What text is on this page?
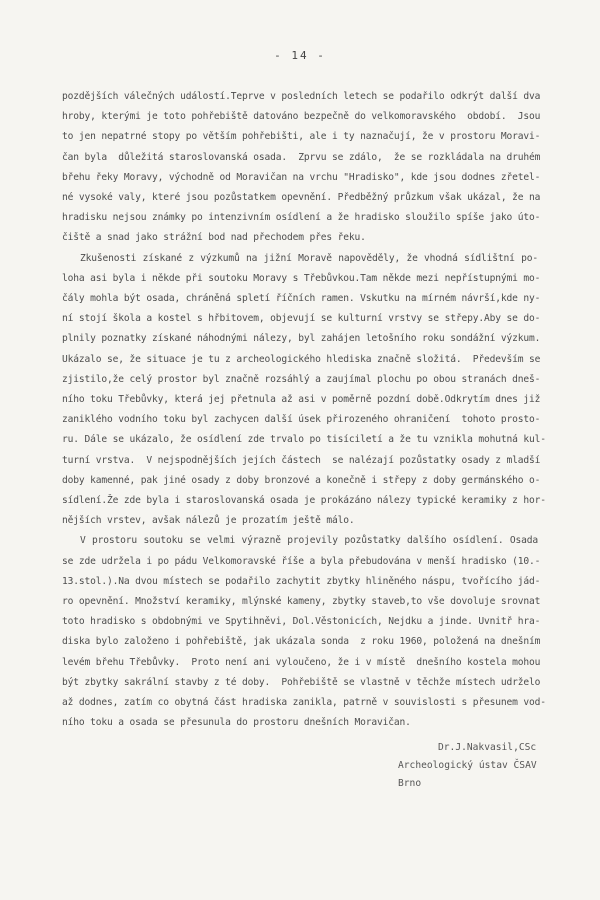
- 14 -
pozdějších válečných událostí.Teprve v posledních letech se podařilo odkrýt další dva
hroby, kterými je toto pohřebiště datováno bezpečně do velkomoravského  období.  Jsou
to jen nepatrné stopy po větším pohřebišti, ale i ty naznačují, že v prostoru Moravi-
čan byla  důležitá staroslovanská osada.  Zprvu se zdálo,  že se rozkládala na druhém
břehu řeky Moravy, východně od Moravičan na vrchu "Hradisko", kde jsou dodnes zřetel-
né vysoké valy, které jsou pozůstatkem opevnění. Předběžný průzkum však ukázal, že na
hradisku nejsou známky po intenzivním osídlení a že hradisko sloužilo spíše jako úto-
čiště a snad jako strážní bod nad přechodem přes řeku.
Zkušenosti získané z výzkumů na jižní Moravě napověděly, že vhodná sídlištní po-
loha asi byla i někde při soutoku Moravy s Třebůvkou.Tam někde mezi nepřístupnými mo-
čály mohla být osada, chráněná spletí říčních ramen. Vskutku na mírném návrší,kde ny-
ní stojí škola a kostel s hřbitovem, objevují se kulturní vrstvy se střepy.Aby se do-
plnily poznatky získané náhodnými nálezy, byl zahájen letošního roku sondážní výzkum.
Ukázalo se, že situace je tu z archeologického hlediska značně složitá.  Především se
zjistilo,že celý prostor byl značně rozsáhlý a zaujímal plochu po obou stranách dneš-
ního toku Třebůvky, která jej přetnula až asi v poměrně pozdní době.Odkrytím dnes již
zaniklého vodního toku byl zachycen další úsek přirozeného ohraničení  tohoto prosto-
ru. Dále se ukázalo, že osídlení zde trvalo po tisíciletí a že tu vznikla mohutná kul-
turní vrstva.  V nejspodnějších jejích částech  se nalézají pozůstatky osady z mladší
doby kamenné, pak jiné osady z doby bronzové a konečně i střepy z doby germánského o-
sídlení.Že zde byla i staroslovanská osada je prokázáno nálezy typické keramiky z hor-
nějších vrstev, avšak nálezů je prozatím ještě málo.
V prostoru soutoku se velmi výrazně projevily pozůstatky dalšího osídlení. Osada
se zde udržela i po pádu Velkomoravské říše a byla přebudována v menší hradisko (10.-
13.stol.).Na dvou místech se podařilo zachytit zbytky hliněného náspu, tvořícího jád-
ro opevnění. Množství keramiky, mlýnské kameny, zbytky staveb,to vše dovoluje srovnat
toto hradisko s obdobnými ve Spytihněvi, Dol.Věstonicích, Nejdku a jinde. Uvnitř hra-
diska bylo založeno i pohřebiště, jak ukázala sonda  z roku 1960, položená na dnešním
levém břehu Třebůvky.  Proto není ani vyloučeno, že i v místě  dnešního kostela mohou
být zbytky sakrální stavby z té doby.  Pohřebiště se vlastně v těchže místech udrželo
až dodnes, zatím co obytná část hradiska zanikla, patrně v souvislosti s přesunem vod-
ního toku a osada se přesunula do prostoru dnešních Moravičan.
Dr.J.Nakvasil,CSc
Archeologický ústav ČSAV
Brno
